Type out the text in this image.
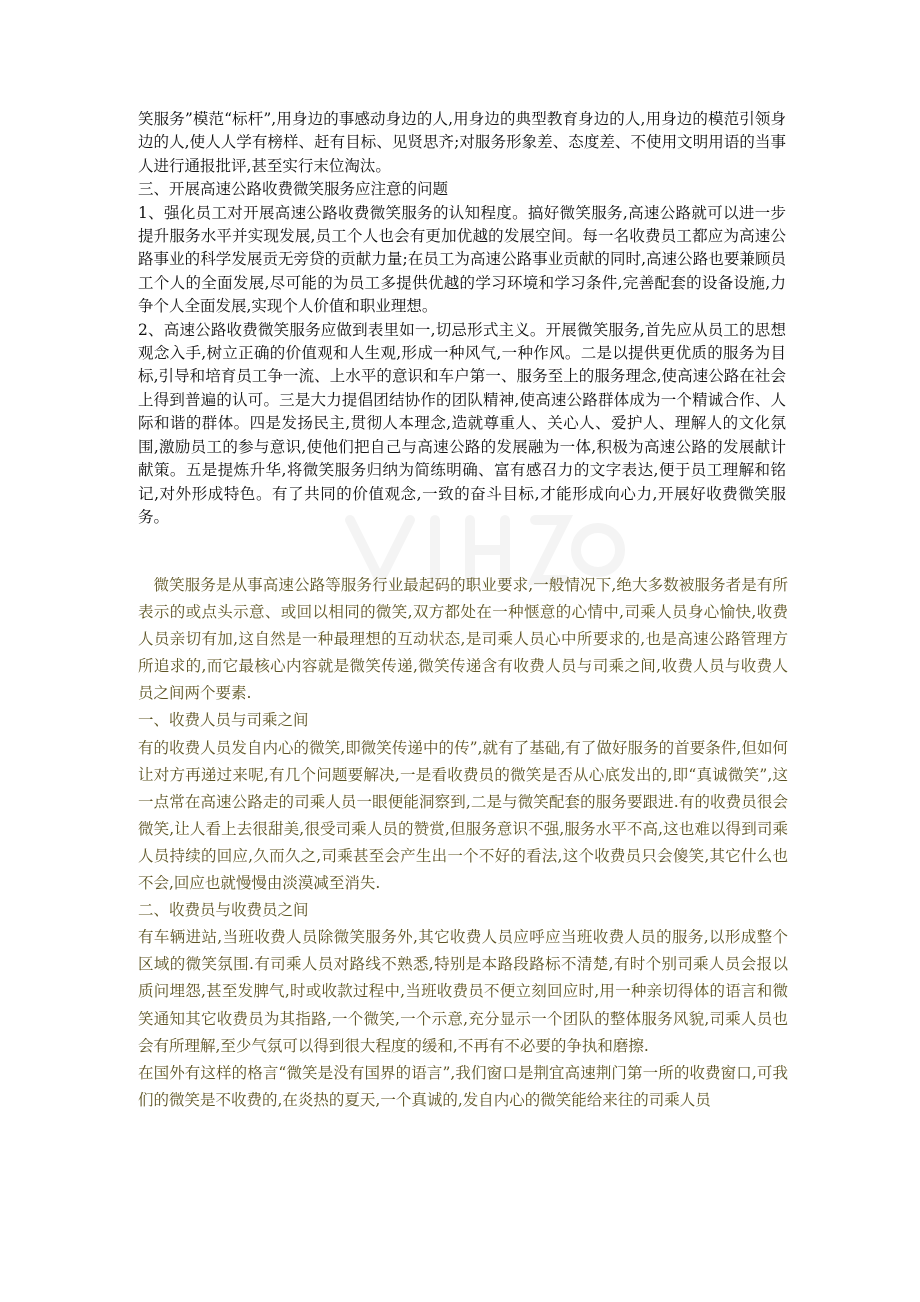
笑服务”模范“标杆”,用身边的事感动身边的人,用身边的典型教育身边的人,用身边的模范引领身边的人,使人人学有榜样、赶有目标、见贤思齐;对服务形象差、态度差、不使用文明用语的当事人进行通报批评,甚至实行末位淘汰。

三、开展高速公路收费微笑服务应注意的问题

1、强化员工对开展高速公路收费微笑服务的认知程度。搞好微笑服务,高速公路就可以进一步提升服务水平并实现发展,员工个人也会有更加优越的发展空间。每一名收费员工都应为高速公路事业的科学发展贡无旁贷的贡献力量;在员工为高速公路事业贡献的同时,高速公路也要兼顾员工个人的全面发展,尽可能的为员工多提供优越的学习环境和学习条件,完善配套的设备设施,力争个人全面发展,实现个人价值和职业理想。

2、高速公路收费微笑服务应做到表里如一,切忌形式主义。开展微笑服务,首先应从员工的思想观念入手,树立正确的价值观和人生观,形成一种风气,一种作风。二是以提供更优质的服务为目标,引导和培育员工争一流、上水平的意识和车户第一、服务至上的服务理念,使高速公路在社会上得到普遍的认可。三是大力提倡团结协作的团队精神,使高速公路群体成为一个精诚合作、人际和谐的群体。四是发扬民主,贯彻人本理念,造就尊重人、关心人、爱护人、理解人的文化氛围,激励员工的参与意识,使他们把自己与高速公路的发展融为一体,积极为高速公路的发展献计献策。五是提炼升华,将微笑服务归纳为简练明确、富有感召力的文字表达,便于员工理解和铭记,对外形成特色。有了共同的价值观念,一致的奋斗目标,才能形成向心力,开展好收费微笑服务。

微笑服务是从事高速公路等服务行业最起码的职业要求,一般情况下,绝大多数被服务者是有所表示的或点头示意、或回以相同的微笑,双方都处在一种惬意的心情中,司乘人员身心愉快,收费人员亲切有加,这自然是一种最理想的互动状态,是司乘人员心中所要求的,也是高速公路管理方所追求的,而它最核心内容就是微笑传递,微笑传递含有收费人员与司乘之间,收费人员与收费人员之间两个要素.

一、收费人员与司乘之间

有的收费人员发自内心的微笑,即微笑传递中的传”,就有了基础,有了做好服务的首要条件,但如何让对方再递过来呢,有几个问题要解决,一是看收费员的微笑是否从心底发出的,即“真诚微笑”,这一点常在高速公路走的司乘人员一眼便能洞察到,二是与微笑配套的服务要跟进.有的收费员很会微笑,让人看上去很甜美,很受司乘人员的赞赏,但服务意识不强,服务水平不高,这也难以得到司乘人员持续的回应,久而久之,司乘甚至会产生出一个不好的看法,这个收费员只会傻笑,其它什么也不会,回应也就慢慢由淡漠减至消失.

二、收费员与收费员之间

有车辆进站,当班收费人员除微笑服务外,其它收费人员应呼应当班收费人员的服务,以形成整个区域的微笑氛围.有司乘人员对路线不熟悉,特别是本路段路标不清楚,有时个别司乘人员会报以质问埋怨,甚至发脾气,时或收款过程中,当班收费员不便立刻回应时,用一种亲切得体的语言和微笑通知其它收费员为其指路,一个微笑,一个示意,充分显示一个团队的整体服务风貌,司乘人员也会有所理解,至少气氛可以得到很大程度的缓和,不再有不必要的争执和磨擦.

在国外有这样的格言“微笑是没有国界的语言”,我们窗口是荆宜高速荆门第一所的收费窗口,可我们的微笑是不收费的,在炎热的夏天,一个真诚的,发自内心的微笑能给来往的司乘人员
